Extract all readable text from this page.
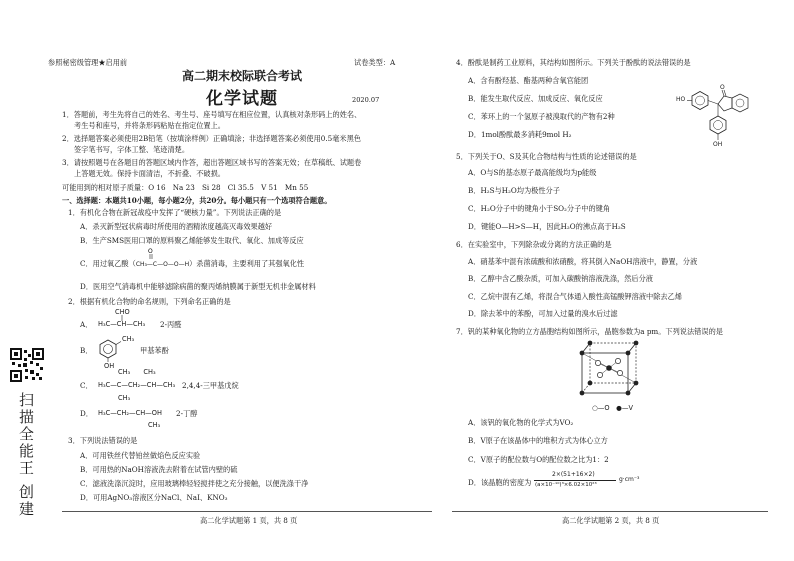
参照秘密级管理★启用前	试卷类型：A
高二期末校际联合考试
化学试题	2020.07
1．答题前，考生先将自己的姓名、考生号、座号填写在相应位置，认真核对条形码上的姓名、
考生号和座号，并将条形码粘贴在指定位置上。
2．选择题答案必须使用2B铅笔（按填涂样例）正确填涂；非选择题答案必须使用0.5毫米黑色
签字笔书写，字体工整、笔迹清楚。
3．请按照题号在各题目的答题区域内作答，超出答题区域书写的答案无效；在草稿纸、试题卷
上答题无效。保持卡面清洁，不折叠、不破损。
可能用到的相对原子质量：O 16　Na 23　Si 28　Cl 35.5　V 51　Mn 55
一、选择题：本题共10小题，每小题2分，共20分。每小题只有一个选项符合题意。
1．有机化合物在新冠战疫中发挥了“硬核力量”。下列说法正确的是
A．杀灭新型冠状病毒时所使用的酒精浓度越高灭毒效果越好
B．生产SMS医用口罩的原料聚乙烯能够发生取代、氧化、加成等反应
C．用过氧乙酸（CH₃—C—O—O—H）杀菌消毒，主要利用了其强氧化性
O
D．医用空气消毒机中能够滤除病菌的聚丙烯纳膜属于新型无机非金属材料
2．根据有机化合物的命名规则，下列命名正确的是
A．
CHO
H₃C—CH—CH₃ 2-丙醛
B．
CH₃
OH
甲基苯酚
C．
CH₃　　CH₃
H₃C—C—CH₂—CH—CH₃
CH₃
2,4,4-三甲基戊烷
D． H₃C—CH₂—CH—OH
CH₃
2-丁醇
3．下列说法错误的是
A．可用铁丝代替铂丝做焰色反应实验
B．可用热的NaOH溶液洗去附着在试管内壁的硫
C．滤液洗涤沉淀时，应用玻璃棒轻轻搅拌使之充分接触，以便洗涤干净
D．可用AgNO₃溶液区分NaCl、NaI、KNO₃
高二化学试题第 1 页，共 8 页
扫描全能王 创建
4．酚酞是制药工业原料，其结构如图所示。下列关于酚酞的说法错误的是
A．含有酚羟基、酯基两种含氧官能团
B．能发生取代反应、加成反应、氧化反应
C．苯环上的一个氢原子被溴取代的产物有2种
D．1mol酚酞最多消耗9mol H₂
HO
O
OH
5．下列关于O、S及其化合物结构与性质的论述错误的是
A．O与S的基态原子最高能级均为p能级
B．H₂S与H₂O均为极性分子
C．H₂O分子中的键角小于SO₂分子中的键角
D．键能O—H>S—H，因此H₂O的沸点高于H₂S
6．在实验室中，下列除杂或分离的方法正确的是
A．硝基苯中混有浓硫酸和浓硝酸，将其倒入NaOH溶液中，静置，分液
B．乙醇中含乙酸杂质，可加入碳酸钠溶液洗涤，然后分液
C．乙烷中混有乙烯，将混合气体通入酸性高锰酸钾溶液中除去乙烯
D．除去苯中的苯酚，可加入过量的溴水后过滤
7．钒的某种氧化物的立方晶胞结构如图所示，晶胞参数为a pm。下列说法错误的是
○—O　●—V
A．该钒的氧化物的化学式为VO₂
B．V原子在该晶体中的堆积方式为体心立方
C．V原子的配位数与O的配位数之比为1：2
D．该晶胞的密度为
2×(51+16×2)
(a×10⁻¹⁰)³×6.02×10²³
g·cm⁻³
高二化学试题第 2 页，共 8 页
